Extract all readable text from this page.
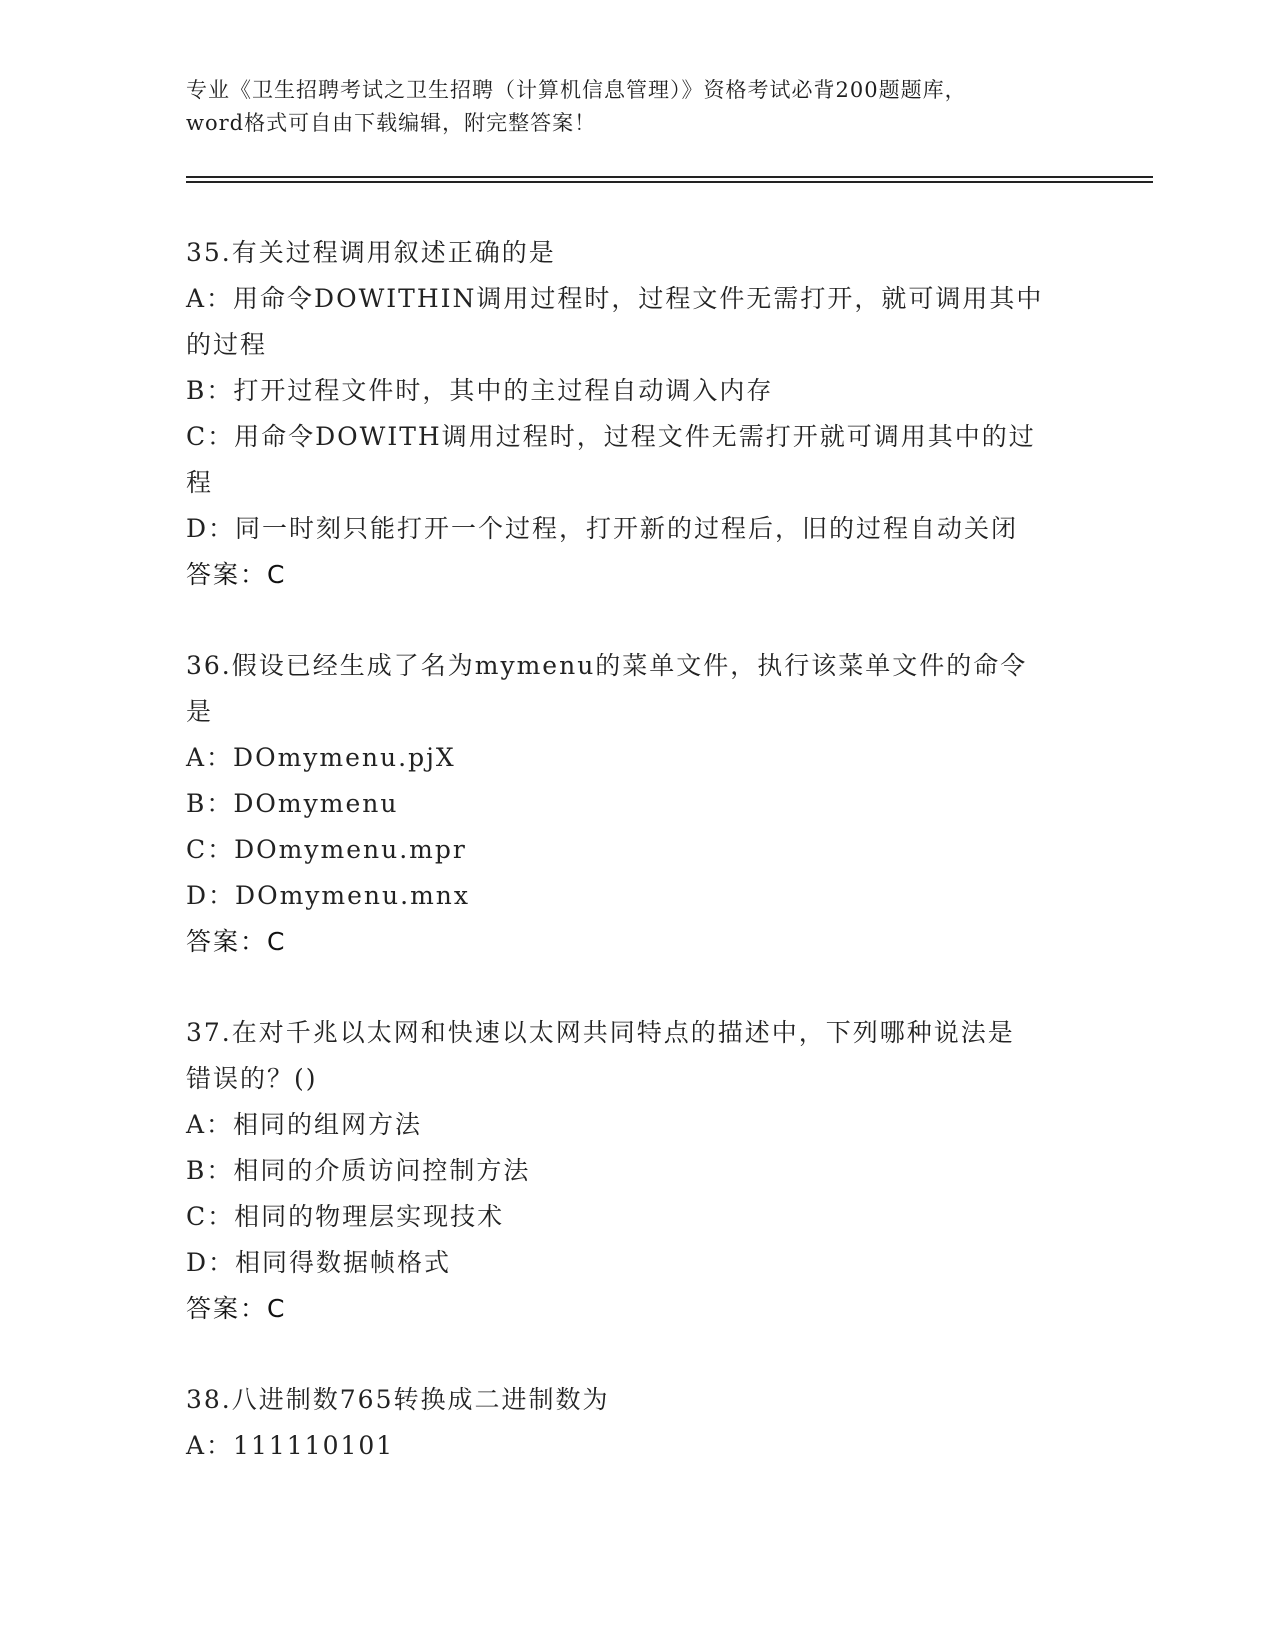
专业《卫生招聘考试之卫生招聘（计算机信息管理）》资格考试必背200题题库，
word格式可自由下载编辑，附完整答案！

35.有关过程调用叙述正确的是

A：用命令DOWITHIN调用过程时，过程文件无需打开，就可调用其中

的过程

B：打开过程文件时，其中的主过程自动调入内存

C：用命令DOWITH调用过程时，过程文件无需打开就可调用其中的过

程

D：同一时刻只能打开一个过程，打开新的过程后，旧的过程自动关闭

答案：C

36.假设已经生成了名为mymenu的菜单文件，执行该菜单文件的命令

是

A：DOmymenu.pjX

B：DOmymenu

C：DOmymenu.mpr

D：DOmymenu.mnx

答案：C

37.在对千兆以太网和快速以太网共同特点的描述中，下列哪种说法是

错误的？()

A：相同的组网方法

B：相同的介质访问控制方法

C：相同的物理层实现技术

D：相同得数据帧格式

答案：C

38.八进制数765转换成二进制数为

A：111110101
